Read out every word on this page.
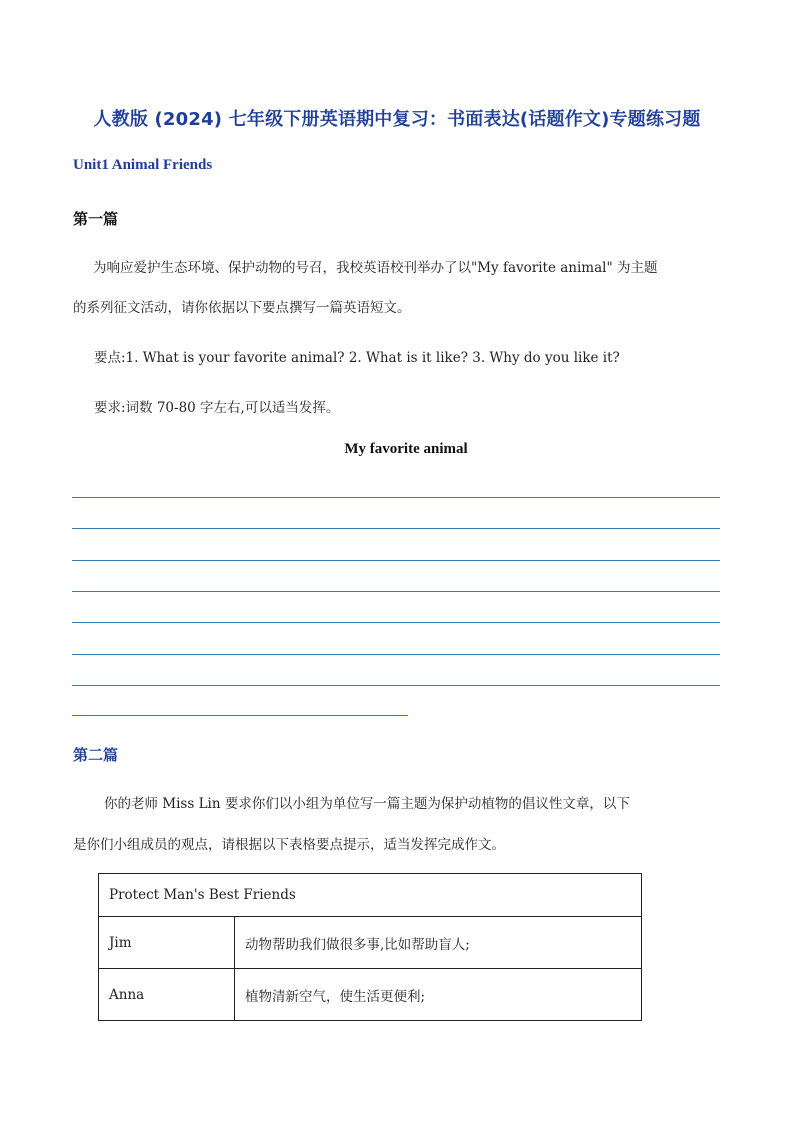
人教版 (2024) 七年级下册英语期中复习：书面表达(话题作文)专题练习题
Unit1 Animal Friends
第一篇
为响应爱护生态环境、保护动物的号召，我校英语校刊举办了以"My favorite animal" 为主题
的系列征文活动，请你依据以下要点撰写一篇英语短文。
要点:1. What is your favorite animal? 2. What is it like? 3. Why do you like it?
要求:词数 70-80 字左右,可以适当发挥。
My favorite animal
第二篇
你的老师 Miss Lin 要求你们以小组为单位写一篇主题为保护动植物的倡议性文章，以下
是你们小组成员的观点，请根据以下表格要点提示，适当发挥完成作文。
Protect Man's Best Friends	
Jim	动物帮助我们做很多事,比如帮助盲人;
Anna	植物清新空气，使生活更便利;
